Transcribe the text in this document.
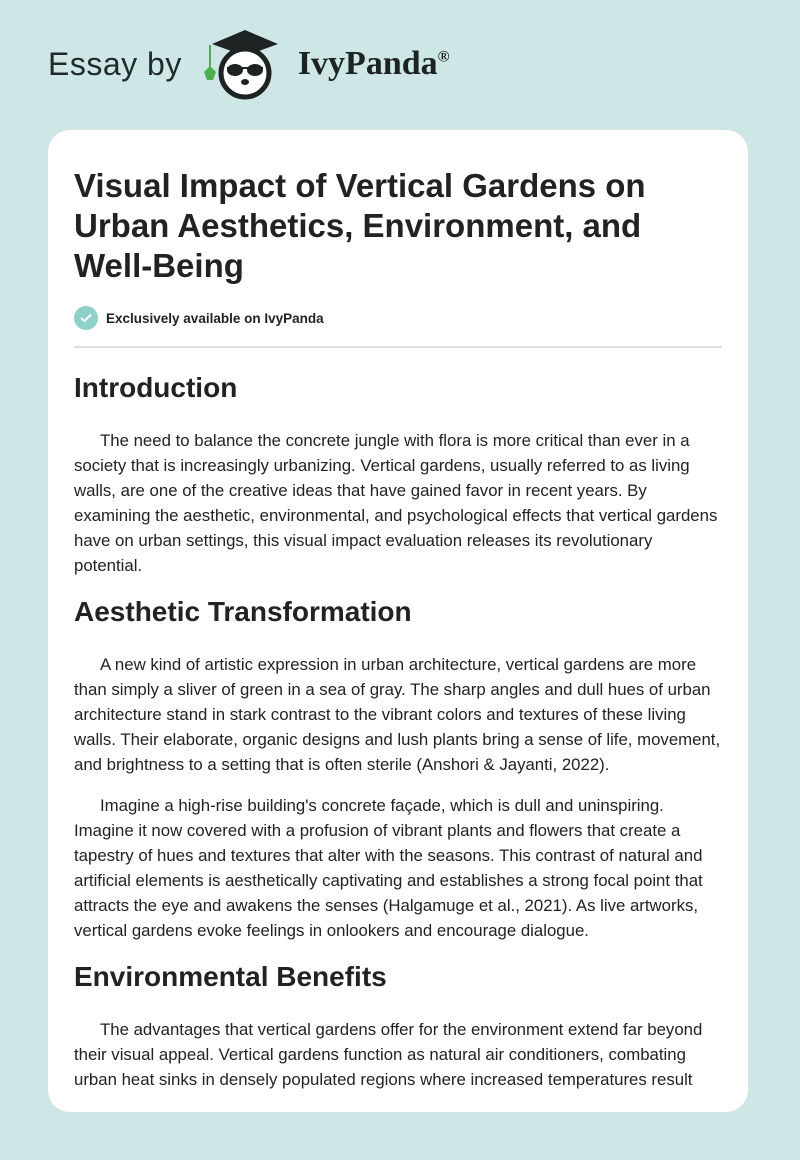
Essay by	IvyPanda®
Visual Impact of Vertical Gardens on Urban Aesthetics, Environment, and Well-Being
Exclusively available on IvyPanda
Introduction

The need to balance the concrete jungle with flora is more critical than ever in a society that is increasingly urbanizing. Vertical gardens, usually referred to as living walls, are one of the creative ideas that have gained favor in recent years. By examining the aesthetic, environmental, and psychological effects that vertical gardens have on urban settings, this visual impact evaluation releases its revolutionary potential.

Aesthetic Transformation

A new kind of artistic expression in urban architecture, vertical gardens are more than simply a sliver of green in a sea of gray. The sharp angles and dull hues of urban architecture stand in stark contrast to the vibrant colors and textures of these living walls. Their elaborate, organic designs and lush plants bring a sense of life, movement, and brightness to a setting that is often sterile (Anshori & Jayanti, 2022).

Imagine a high-rise building's concrete façade, which is dull and uninspiring. Imagine it now covered with a profusion of vibrant plants and flowers that create a tapestry of hues and textures that alter with the seasons. This contrast of natural and artificial elements is aesthetically captivating and establishes a strong focal point that attracts the eye and awakens the senses (Halgamuge et al., 2021). As live artworks, vertical gardens evoke feelings in onlookers and encourage dialogue.

Environmental Benefits

The advantages that vertical gardens offer for the environment extend far beyond their visual appeal. Vertical gardens function as natural air conditioners, combating urban heat sinks in densely populated regions where increased temperatures result
